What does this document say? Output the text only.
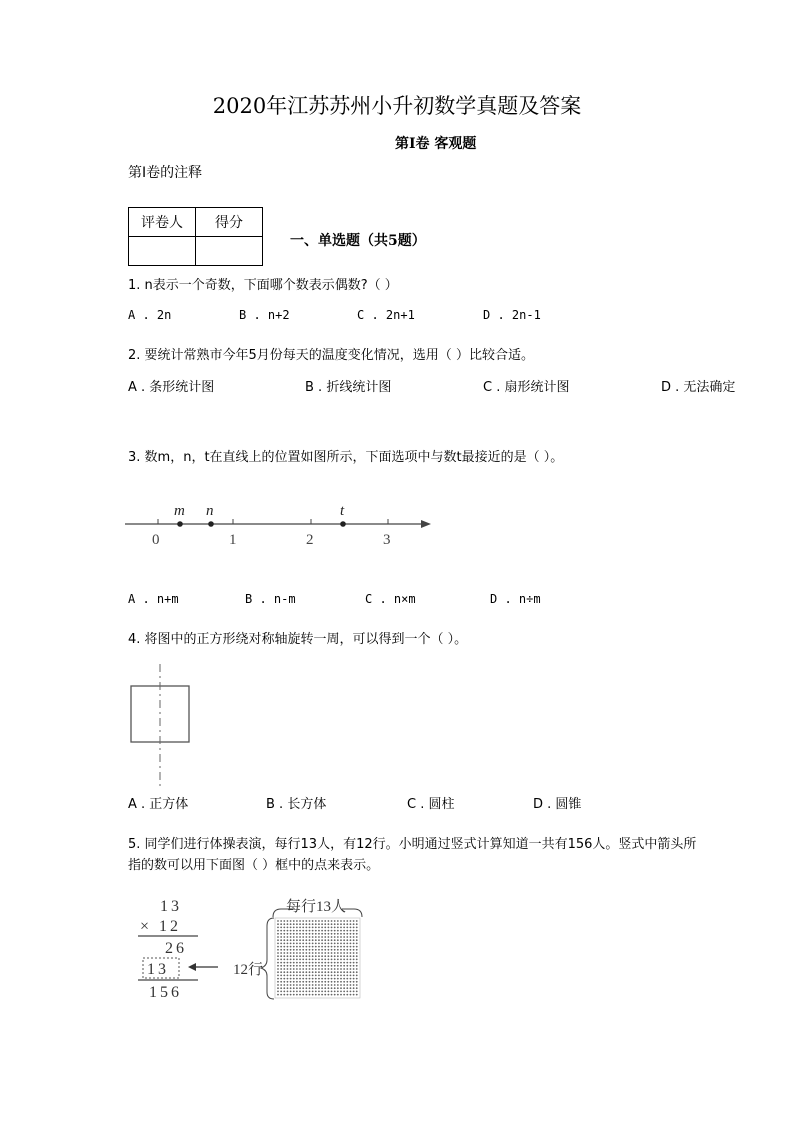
2020年江苏苏州小升初数学真题及答案
第Ⅰ卷 客观题
第Ⅰ卷的注释
评卷人	得分

一、单选题（共5题）
1. n表示一个奇数，下面哪个数表示偶数?（ ）
A . 2n	B . n+2	C . 2n+1	D . 2n-1
2. 要统计常熟市今年5月份每天的温度变化情况，选用（ ）比较合适。
A . 条形统计图	B . 折线统计图	C . 扇形统计图	D . 无法确定
3. 数m，n，t在直线上的位置如图所示，下面选项中与数t最接近的是（ ）。
m n	t
0	1	2	3
A . n+m	B . n-m	C . n×m	D . n÷m
4. 将图中的正方形绕对称轴旋转一周，可以得到一个（ ）。
A . 正方体	B . 长方体	C . 圆柱	D . 圆锥
5. 同学们进行体操表演，每行13人，有12行。小明通过竖式计算知道一共有156人。竖式中箭头所
指的数可以用下面图（ ）框中的点来表示。
13
× 12
26
13
156
每行13人
12行
